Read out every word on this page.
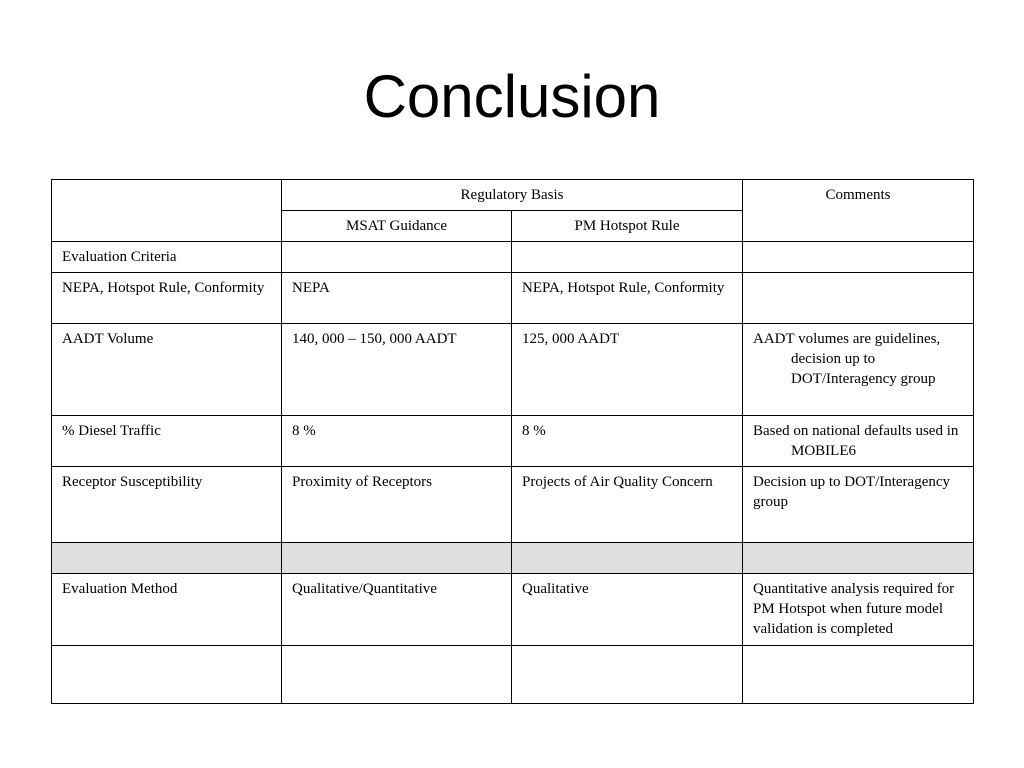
Conclusion
	Regulatory Basis		Comments
	MSAT Guidance	PM Hotspot Rule	
Evaluation Criteria			

NEPA, Hotspot Rule, Conformity	NEPA	NEPA, Hotspot Rule, Conformity	

AADT Volume	140, 000 – 150, 000 AADT	125, 000 AADT	AADT volumes are guidelines, decision up to DOT/Interagency group

% Diesel Traffic	8 %	8 %	Based on national defaults used in MOBILE6

Receptor Susceptibility	Proximity of Receptors	Projects of Air Quality Concern	Decision up to DOT/Interagency group

Evaluation Method	Qualitative/Quantitative	Qualitative	Quantitative analysis required for PM Hotspot when future model validation is completed
